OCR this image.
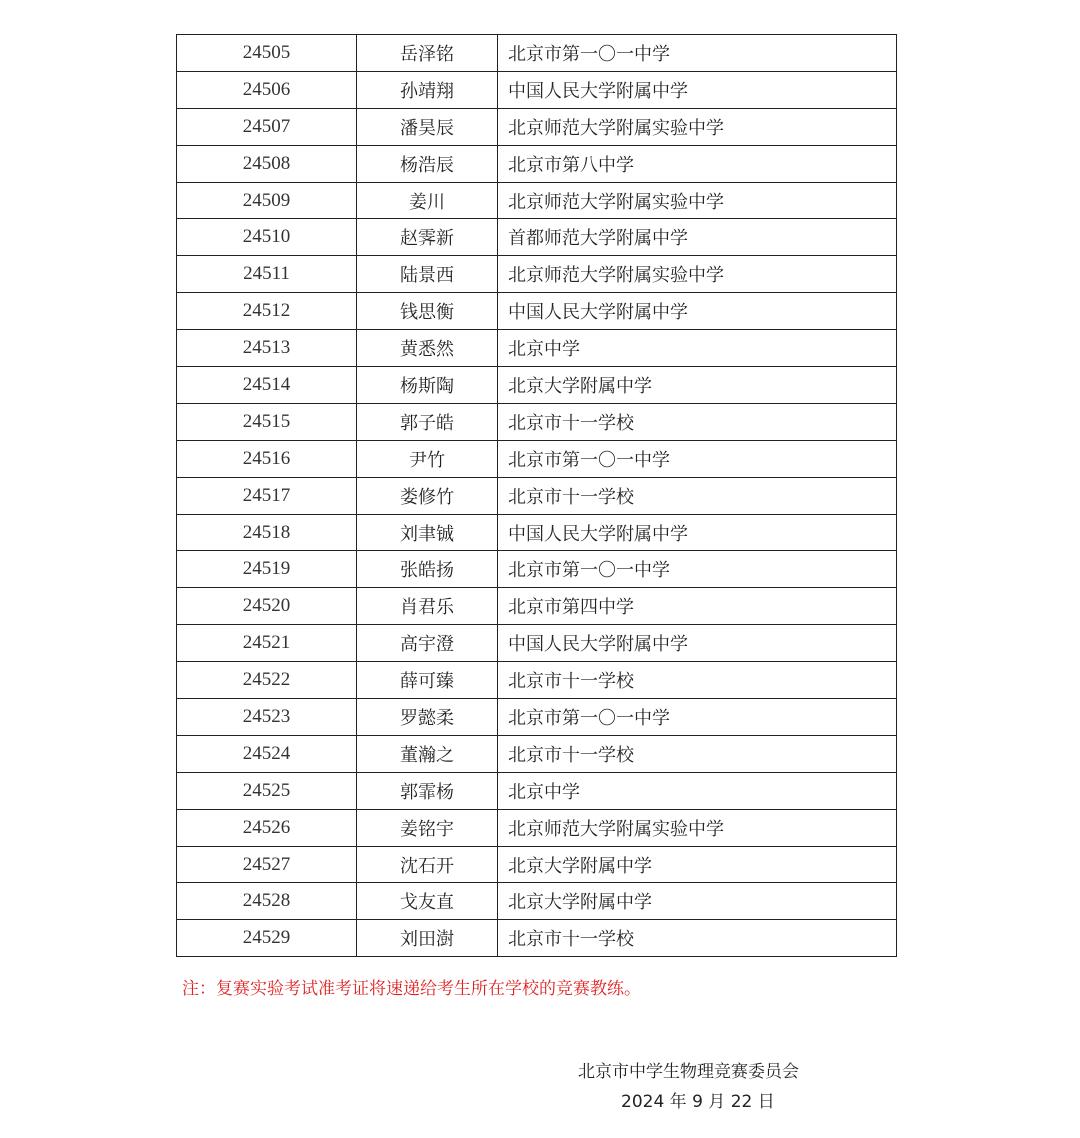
24505	岳泽铭	北京市第一〇一中学
24506	孙靖翔	中国人民大学附属中学
24507	潘昊辰	北京师范大学附属实验中学
24508	杨浩辰	北京市第八中学
24509	姜川	北京师范大学附属实验中学
24510	赵霁新	首都师范大学附属中学
24511	陆景西	北京师范大学附属实验中学
24512	钱思衡	中国人民大学附属中学
24513	黄悉然	北京中学
24514	杨斯陶	北京大学附属中学
24515	郭子皓	北京市十一学校
24516	尹竹	北京市第一〇一中学
24517	娄修竹	北京市十一学校
24518	刘聿铖	中国人民大学附属中学
24519	张皓扬	北京市第一〇一中学
24520	肖君乐	北京市第四中学
24521	高宇澄	中国人民大学附属中学
24522	薛可臻	北京市十一学校
24523	罗懿柔	北京市第一〇一中学
24524	董瀚之	北京市十一学校
24525	郭霏杨	北京中学
24526	姜铭宇	北京师范大学附属实验中学
24527	沈石开	北京大学附属中学
24528	戈友直	北京大学附属中学
24529	刘田澍	北京市十一学校
注：复赛实验考试准考证将速递给考生所在学校的竞赛教练。
北京市中学生物理竞赛委员会
2024 年 9 月 22 日
